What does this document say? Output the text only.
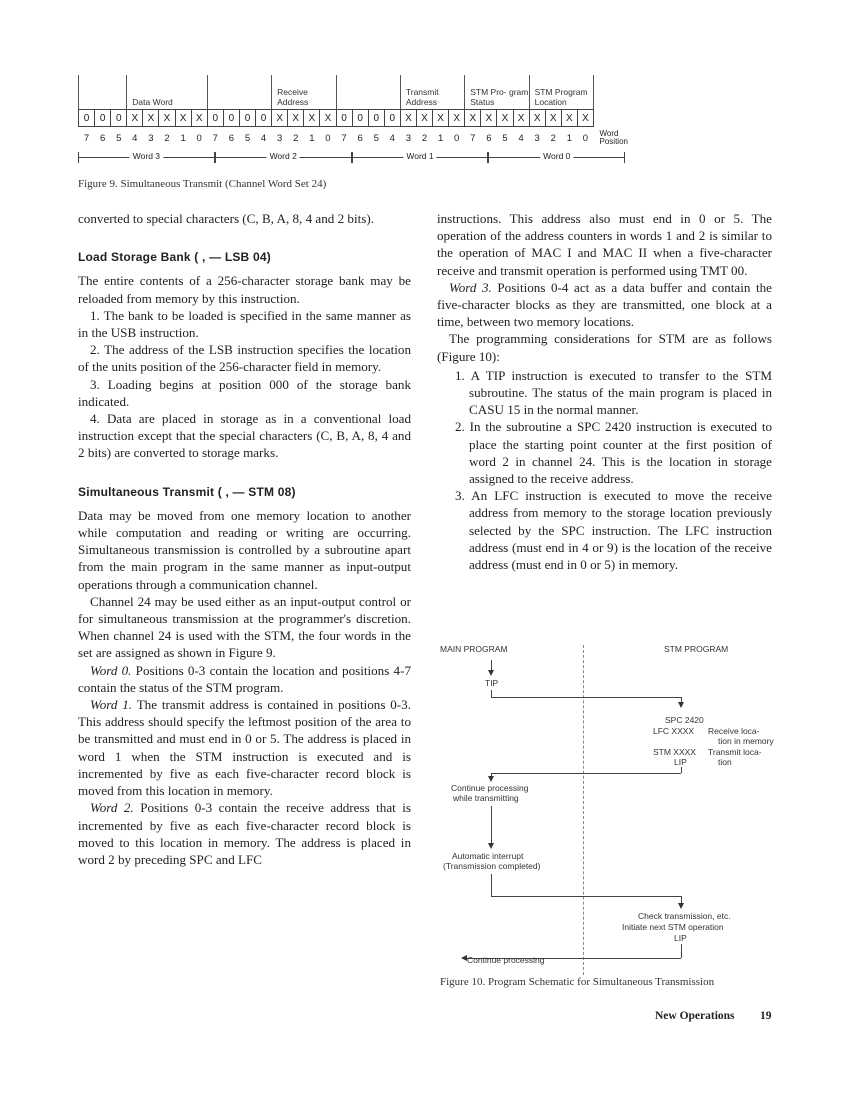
			Data Word									Receive Address								Transmit Address				STM Pro- gram Status				STM Program Location				
0	0	0	X	X	X	X	X	0	0	0	0	X	X	X	X	0	0	0	0	X	X	X	X	X	X	X	X	X	X	X	X	
7	6	5	4	3	2	1	0	7	6	5	4	3	2	1	0	7	6	5	4	3	2	1	0	7	6	5	4	3	2	1	0	Word
Position
Word 3	Word 2	Word 1	Word 0
Figure 9. Simultaneous Transmit (Channel Word Set 24)

converted to special characters (C, B, A, 8, 4 and 2 bits).

Load Storage Bank ( , — LSB 04)

The entire contents of a 256-character storage bank may be reloaded from memory by this instruction.

1. The bank to be loaded is specified in the same manner as in the USB instruction.

2. The address of the LSB instruction specifies the location of the units position of the 256-character field in memory.

3. Loading begins at position 000 of the storage bank indicated.

4. Data are placed in storage as in a conventional load instruction except that the special characters (C, B, A, 8, 4 and 2 bits) are converted to storage marks.

Simultaneous Transmit ( , — STM 08)

Data may be moved from one memory location to another while computation and reading or writing are occurring. Simultaneous transmission is controlled by a subroutine apart from the main program in the same manner as input-output operations through a communication channel.

Channel 24 may be used either as an input-output control or for simultaneous transmission at the programmer's discretion. When channel 24 is used with the STM, the four words in the set are assigned as shown in Figure 9.

Word 0. Positions 0-3 contain the location and positions 4-7 contain the status of the STM program.

Word 1. The transmit address is contained in positions 0-3. This address should specify the leftmost position of the area to be transmitted and must end in 0 or 5. The address is placed in word 1 when the STM instruction is executed and is incremented by five as each five-character record block is moved from this location in memory.

Word 2. Positions 0-3 contain the receive address that is incremented by five as each five-character record block is moved to this location in memory. The address is placed in word 2 by preceding SPC and LFC

instructions. This address also must end in 0 or 5. The operation of the address counters in words 1 and 2 is similar to the operation of MAC I and MAC II when a five-character receive and transmit operation is performed using TMT 00.

Word 3. Positions 0-4 act as a data buffer and contain the five-character blocks as they are transmitted, one block at a time, between two memory locations.

The programming considerations for STM are as follows (Figure 10):

1. A TIP instruction is executed to transfer to the STM subroutine. The status of the main program is placed in CASU 15 in the normal manner.

2. In the subroutine a SPC 2420 instruction is executed to place the starting point counter at the first position of word 2 in channel 24. This is the location in storage assigned to the receive address.

3. An LFC instruction is executed to move the receive address from memory to the storage location previously selected by the SPC instruction. The LFC instruction address (must end in 4 or 9) is the location of the receive address (must end in 0 or 5) in memory.

MAIN PROGRAM	STM PROGRAM
TIP
SPC 2420
LFC XXXX Receive loca-
tion in memory
STM XXXX Transmit loca-
tion
LIP
Continue processing
while transmitting
Automatic interrupt
(Transmission completed)
Check transmission, etc.
Initiate next STM operation
LIP
Continue processing
Figure 10. Program Schematic for Simultaneous Transmission
New Operations 19
